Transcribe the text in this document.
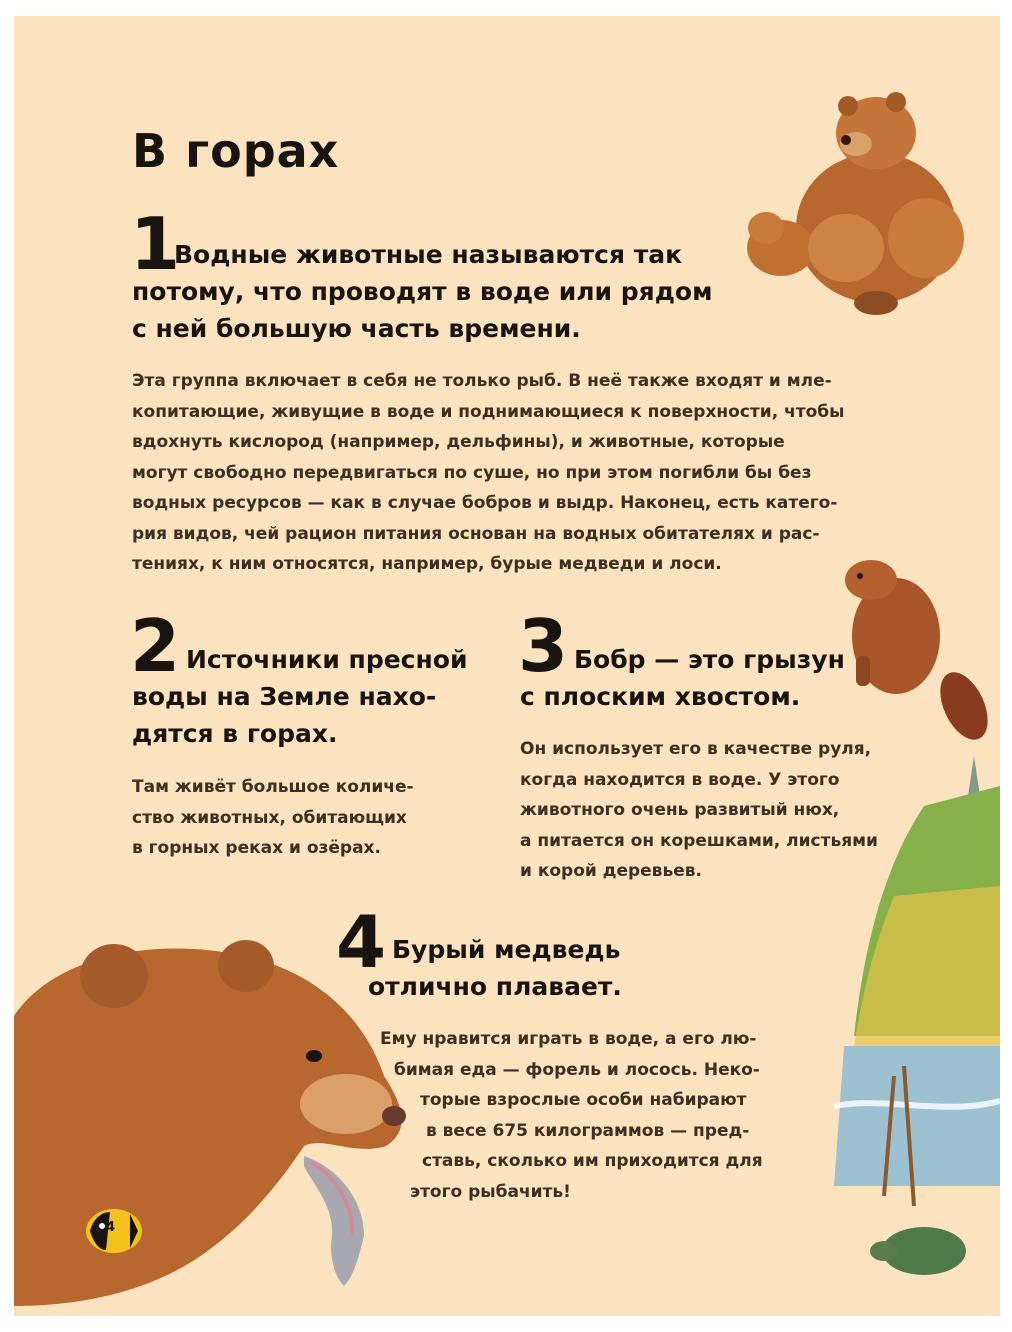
В горах
1
Водные животные называются так
потому, что проводят в воде или рядом
с ней большую часть времени.

Эта группа включает в себя не только рыб. В неё также входят и мле-

копитающие, живущие в воде и поднимающиеся к поверхности, чтобы

вдохнуть кислород (например, дельфины), и животные, которые

могут свободно передвигаться по суше, но при этом погибли бы без

водных ресурсов — как в случае бобров и выдр. Наконец, есть катего-

рия видов, чей рацион питания основан на водных обитателях и рас-

тениях, к ним относятся, например, бурые медведи и лоси.

2 Источники пресной
воды на Земле нахо-
дятся в горах.

Там живёт большое количе-

ство животных, обитающих

в горных реках и озёрах.

3 Бобр — это грызун
с плоским хвостом.

Он использует его в качестве руля,

когда находится в воде. У этого

животного очень развитый нюх,

а питается он корешками, листьями

и корой деревьев.

4 Бурый медведь
отлично плавает.

Ему нравится играть в воде, а его лю-

бимая еда — форель и лосось. Неко-

торые взрослые особи набирают

в весе 675 килограммов — пред-

ставь, сколько им приходится для

этого рыбачить!

4
